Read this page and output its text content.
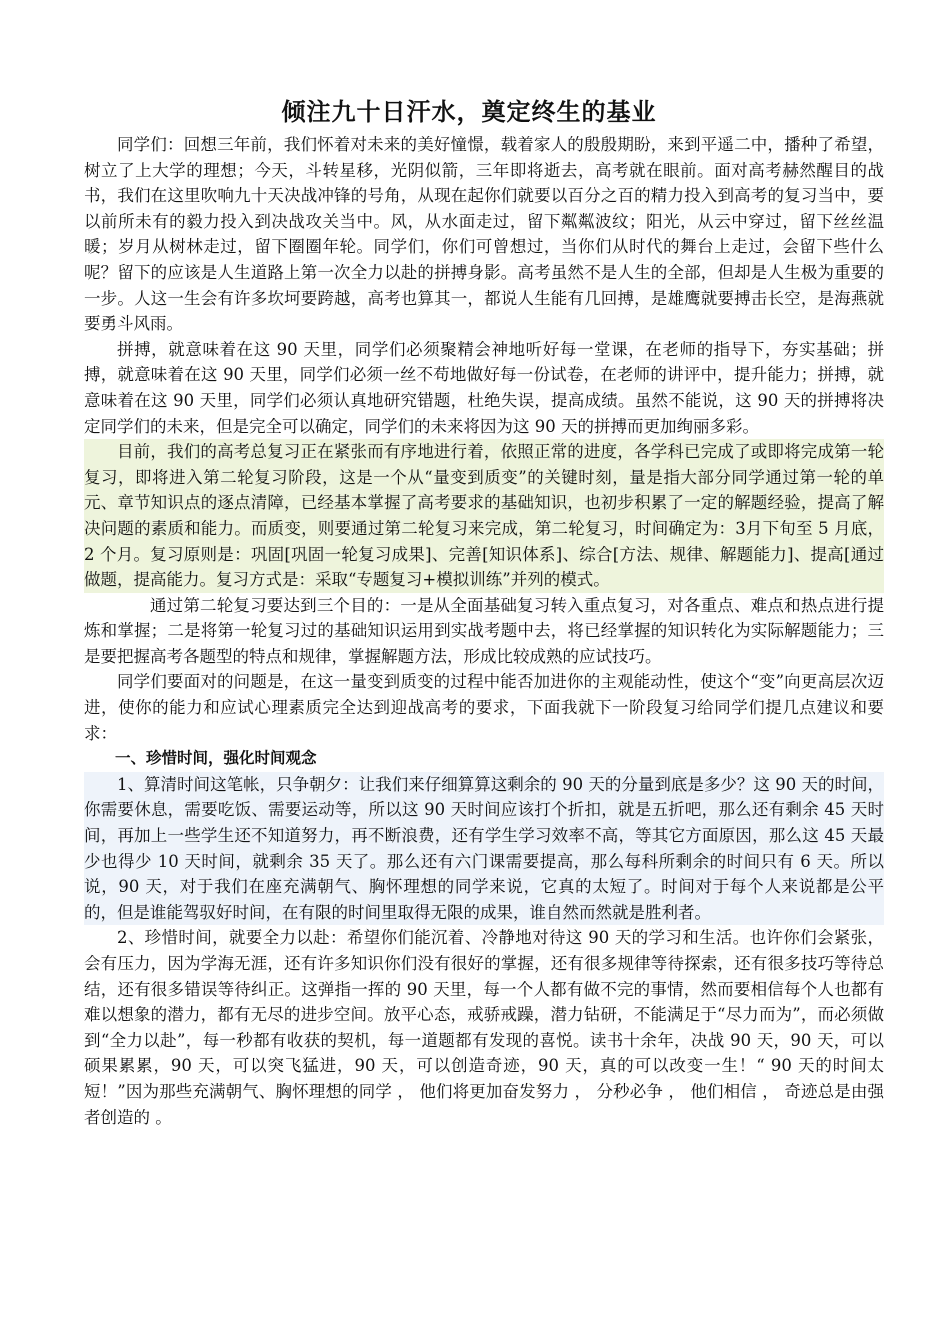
倾注九十日汗水，奠定终生的基业

同学们：回想三年前，我们怀着对未来的美好憧憬，载着家人的殷殷期盼，来到平遥二中，播种了希望，树立了上大学的理想；今天，斗转星移，光阴似箭，三年即将逝去，高考就在眼前。面对高考赫然醒目的战书，我们在这里吹响九十天决战冲锋的号角，从现在起你们就要以百分之百的精力投入到高考的复习当中，要以前所未有的毅力投入到决战攻关当中。风，从水面走过，留下粼粼波纹；阳光，从云中穿过，留下丝丝温暖；岁月从树林走过，留下圈圈年轮。同学们，你们可曾想过，当你们从时代的舞台上走过，会留下些什么呢？留下的应该是人生道路上第一次全力以赴的拼搏身影。高考虽然不是人生的全部，但却是人生极为重要的一步。人这一生会有许多坎坷要跨越，高考也算其一，都说人生能有几回搏，是雄鹰就要搏击长空，是海燕就要勇斗风雨。

拼搏，就意味着在这 90 天里，同学们必须聚精会神地听好每一堂课，在老师的指导下，夯实基础；拼搏，就意味着在这 90 天里，同学们必须一丝不苟地做好每一份试卷，在老师的讲评中，提升能力；拼搏，就意味着在这 90 天里，同学们必须认真地研究错题，杜绝失误，提高成绩。虽然不能说，这 90 天的拼搏将决定同学们的未来，但是完全可以确定，同学们的未来将因为这 90 天的拼搏而更加绚丽多彩。

目前，我们的高考总复习正在紧张而有序地进行着，依照正常的进度，各学科已完成了或即将完成第一轮复习，即将进入第二轮复习阶段，这是一个从“量变到质变”的关键时刻，量是指大部分同学通过第一轮的单元、章节知识点的逐点清障，已经基本掌握了高考要求的基础知识，也初步积累了一定的解题经验，提高了解决问题的素质和能力。而质变，则要通过第二轮复习来完成，第二轮复习，时间确定为：3月下旬至 5 月底，2 个月。复习原则是：巩固[巩固一轮复习成果]、完善[知识体系]、综合[方法、规律、解题能力]、提高[通过做题，提高能力。复习方式是：采取“专题复习+模拟训练”并列的模式。

通过第二轮复习要达到三个目的：一是从全面基础复习转入重点复习，对各重点、难点和热点进行提炼和掌握；二是将第一轮复习过的基础知识运用到实战考题中去，将已经掌握的知识转化为实际解题能力；三是要把握高考各题型的特点和规律，掌握解题方法，形成比较成熟的应试技巧。

同学们要面对的问题是，在这一量变到质变的过程中能否加进你的主观能动性，使这个“变”向更高层次迈进，使你的能力和应试心理素质完全达到迎战高考的要求，下面我就下一阶段复习给同学们提几点建议和要求：

一、珍惜时间，强化时间观念

1、算清时间这笔帐，只争朝夕：让我们来仔细算算这剩余的 90 天的分量到底是多少？这 90 天的时间，你需要休息，需要吃饭、需要运动等，所以这 90 天时间应该打个折扣，就是五折吧，那么还有剩余 45 天时间，再加上一些学生还不知道努力，再不断浪费，还有学生学习效率不高，等其它方面原因，那么这 45 天最少也得少 10 天时间，就剩余 35 天了。那么还有六门课需要提高，那么每科所剩余的时间只有 6 天。所以说，90 天，对于我们在座充满朝气、胸怀理想的同学来说，它真的太短了。时间对于每个人来说都是公平的，但是谁能驾驭好时间，在有限的时间里取得无限的成果，谁自然而然就是胜利者。

2、珍惜时间，就要全力以赴：希望你们能沉着、冷静地对待这 90 天的学习和生活。也许你们会紧张，会有压力，因为学海无涯，还有许多知识你们没有很好的掌握，还有很多规律等待探索，还有很多技巧等待总结，还有很多错误等待纠正。这弹指一挥的 90 天里，每一个人都有做不完的事情，然而要相信每个人也都有难以想象的潜力，都有无尽的进步空间。放平心态，戒骄戒躁，潜力钻研，不能满足于“尽力而为”，而必须做到“全力以赴”，每一秒都有收获的契机，每一道题都有发现的喜悦。读书十余年，决战 90 天，90 天，可以硕果累累，90 天，可以突飞猛进，90 天，可以创造奇迹，90 天，真的可以改变一生！“ 90 天的时间太短！”因为那些充满朝气、胸怀理想的同学 ， 他们将更加奋发努力 ， 分秒必争 ， 他们相信 ， 奇迹总是由强者创造的 。
